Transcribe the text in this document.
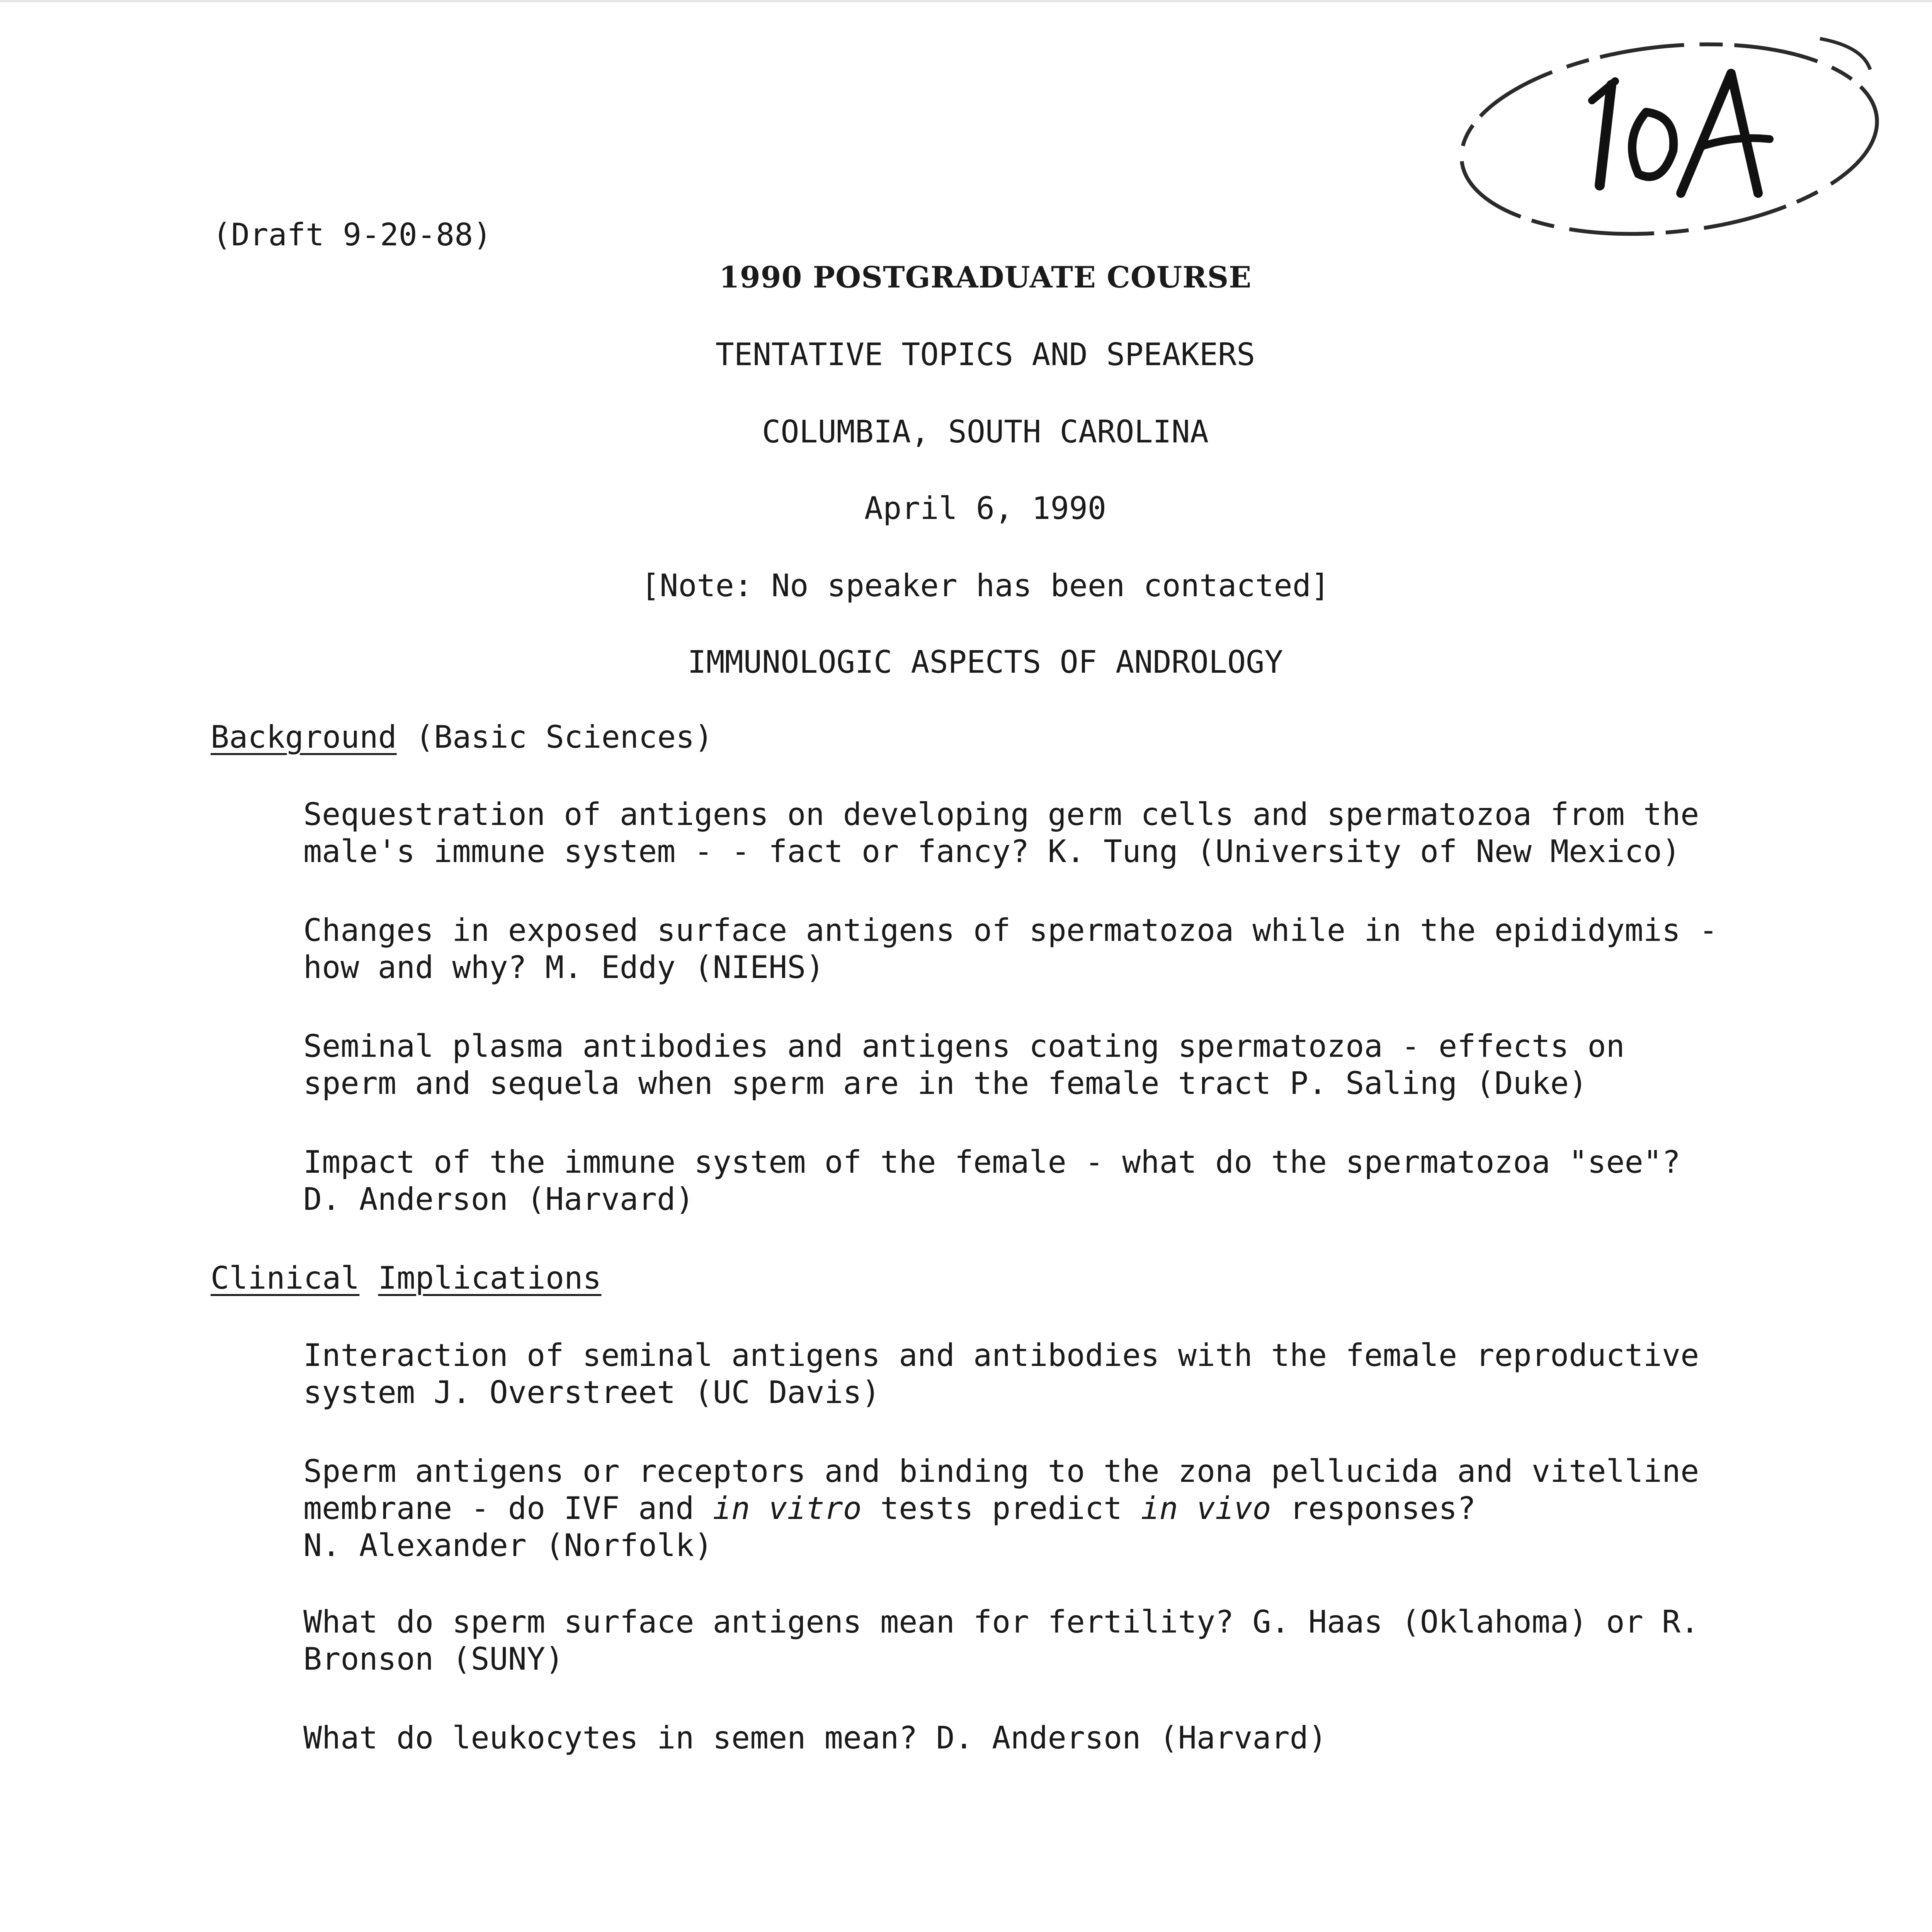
(Draft 9-20-88)
1990 POSTGRADUATE COURSE
TENTATIVE TOPICS AND SPEAKERS
COLUMBIA, SOUTH CAROLINA
April 6, 1990
[Note: No speaker has been contacted]
IMMUNOLOGIC ASPECTS OF ANDROLOGY
Background (Basic Sciences)
Sequestration of antigens on developing germ cells and spermatozoa from the
male's immune system - - fact or fancy? K. Tung (University of New Mexico)
Changes in exposed surface antigens of spermatozoa while in the epididymis -
how and why? M. Eddy (NIEHS)
Seminal plasma antibodies and antigens coating spermatozoa - effects on
sperm and sequela when sperm are in the female tract P. Saling (Duke)
Impact of the immune system of the female - what do the spermatozoa "see"?
D. Anderson (Harvard)
Clinical Implications
Interaction of seminal antigens and antibodies with the female reproductive
system J. Overstreet (UC Davis)
Sperm antigens or receptors and binding to the zona pellucida and vitelline
membrane - do IVF and in vitro tests predict in vivo responses?
N. Alexander (Norfolk)
What do sperm surface antigens mean for fertility? G. Haas (Oklahoma) or R.
Bronson (SUNY)
What do leukocytes in semen mean? D. Anderson (Harvard)
